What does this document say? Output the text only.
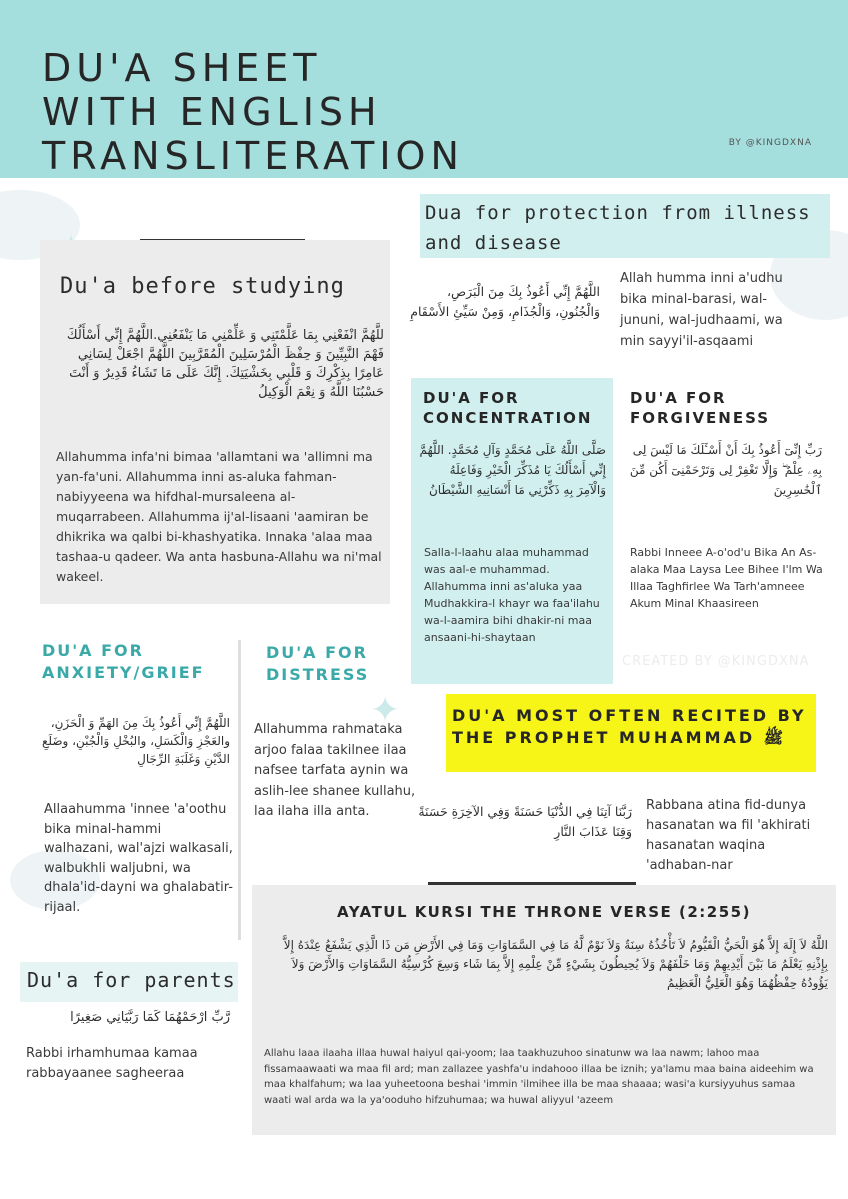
DU'A SHEET
WITH ENGLISH
TRANSLITERATION	BY @KINGDXNA
✦
Du'a before studying
للَّهُمَّ انْفَعْنِي بِمَا عَلَّمْتَنِي وَ عَلِّمْنِي مَا يَنْفَعُنِي.اللَّهُمَّ إِنِّي أَسْأَلُكَ فَهْمَ النَّبِيِّينَ وَ حِفْظَ الْمُرْسَلِينَ الْمُقَرَّبِينَ اللَّهُمَّ اجْعَلْ لِسَانِي عَامِرًا بِذِكْرِكَ وَ قَلْبِي بِخَشْيَتِكَ. إِنَّكَ عَلَى مَا تَشَاءُ قَدِيرٌ وَ أَنْتَ حَسْبُنَا اللَّهُ وَ نِعْمَ الْوَكِيلُ
Allahumma infa'ni bimaa 'allamtani wa 'allimni ma yan-fa'uni. Allahumma inni as-aluka fahman-nabiyyeena wa hifdhal-mursaleena al-muqarrabeen. Allahumma ij'al-lisaani 'aamiran be dhikrika wa qalbi bi-khashyatika. Innaka 'alaa maa tashaa-u qadeer. Wa anta hasbuna-Allahu wa ni'mal wakeel.
Dua for protection from illness and disease
اللَّهُمَّ إِنِّي أَعُوذُ بِكَ مِنَ الْبَرَصِ، وَالْجُنُونِ، وَالْجُذَامِ، وَمِنْ سَيِّئِ الأَسْقَامِ
Allah humma inni a'udhu bika minal-barasi, wal-jununi, wal-judhaami, wa min sayyi'il-asqaami
DU'A FOR CONCENTRATION
صَلَّى اللَّهُ عَلَى مُحَمَّدٍ وَآلِ مُحَمَّدٍ. اللَّهُمَّ إِنِّي أَسْأَلُكَ يَا مُذَكِّرَ الْخَيْرِ وَفَاعِلَهُ وَالْآمِرَ بِهِ ذَكِّرْنِي مَا أَنْسَانِيهِ الشَّيْطَانُ
Salla-l-laahu alaa muhammad was aal-e muhammad. Allahumma inni as'aluka yaa Mudhakkira-l khayr wa faa'ilahu wa-l-aamira bihi dhakir-ni maa ansaani-hi-shaytaan
DU'A FOR FORGIVENESS
رَبِّ إِنِّىٓ أَعُوذُ بِكَ أَنْ أَسْـَٔلَكَ مَا لَيْسَ لِى بِهِۦ عِلْمٌ ۖ وَإِلَّا تَغْفِرْ لِى وَتَرْحَمْنِىٓ أَكُن مِّنَ ٱلْخَٰسِرِينَ
Rabbi Inneee A-o'od'u Bika An As-alaka Maa Laysa Lee Bihee I'lm Wa Illaa Taghfirlee Wa Tarh'amneee Akum Minal Khaasireen
CREATED BY @KINGDXNA
DU'A FOR ANXIETY/GRIEF
اللَّهُمَّ إِنِّي أَعُوذُ بِكَ مِنَ الهَمِّ وَ الْحَزَنِ، والعَجْزِ وَالْكَسَلِ، والبُخْلِ وَالْجُبْنِ، وضَلَعِ الدَّيْنِ وَغَلَبَةِ الرِّجَالِ
Allaahumma 'innee 'a'oothu bika minal-hammi walhazani, wal'ajzi walkasali, walbukhli waljubni, wa dhala'id-dayni wa ghalabatir-rijaal.
DU'A FOR DISTRESS
Allahumma rahmataka arjoo falaa takilnee ilaa nafsee tarfata aynin wa aslih-lee shanee kullahu, laa ilaha illa anta.
DU'A MOST OFTEN RECITED BY THE PROPHET MUHAMMAD ﷺ
رَبَّنَا آتِنَا فِي الدُّنْيَا حَسَنَةً وَفِي الآخِرَةِ حَسَنَةً وَقِنَا عَذَابَ النَّارِ
Rabbana atina fid-dunya hasanatan wa fil 'akhirati hasanatan waqina 'adhaban-nar
AYATUL KURSI THE THRONE VERSE (2:255)
اللَّهُ لاَ إِلَهَ إِلاَّ هُوَ الْحَيُّ الْقَيُّومُ لاَ تَأْخُذُهُ سِنَةٌ وَلاَ نَوْمٌ لَّهُ مَا فِي السَّمَاوَاتِ وَمَا فِي الأَرْضِ مَن ذَا الَّذِي يَشْفَعُ عِنْدَهُ إِلاَّ بِإِذْنِهِ يَعْلَمُ مَا بَيْنَ أَيْدِيهِمْ وَمَا خَلْفَهُمْ وَلاَ يُحِيطُونَ بِشَيْءٍ مِّنْ عِلْمِهِ إِلاَّ بِمَا شَاء وَسِعَ كُرْسِيُّهُ السَّمَاوَاتِ وَالأَرْضَ وَلاَ يَؤُودُهُ حِفْظُهُمَا وَهُوَ الْعَلِيُّ الْعَظِيمُ
Allahu laaa ilaaha illaa huwal haiyul qai-yoom; laa taakhuzuhoo sinatunw wa laa nawm; lahoo maa fissamaawaati wa maa fil ard; man zallazee yashfa'u indahooo illaa be iznih; ya'lamu maa baina aideehim wa maa khalfahum; wa laa yuheetoona beshai 'immin 'ilmihee illa be maa shaaaa; wasi'a kursiyyuhus samaa waati wal arda wa la ya'ooduho hifzuhumaa; wa huwal aliyyul 'azeem
Du'a for parents
رَّبِّ ارْحَمْهُمَا كَمَا رَبَّيَانِي صَغِيرًا
Rabbi irhamhumaa kamaa rabbayaanee sagheeraa
